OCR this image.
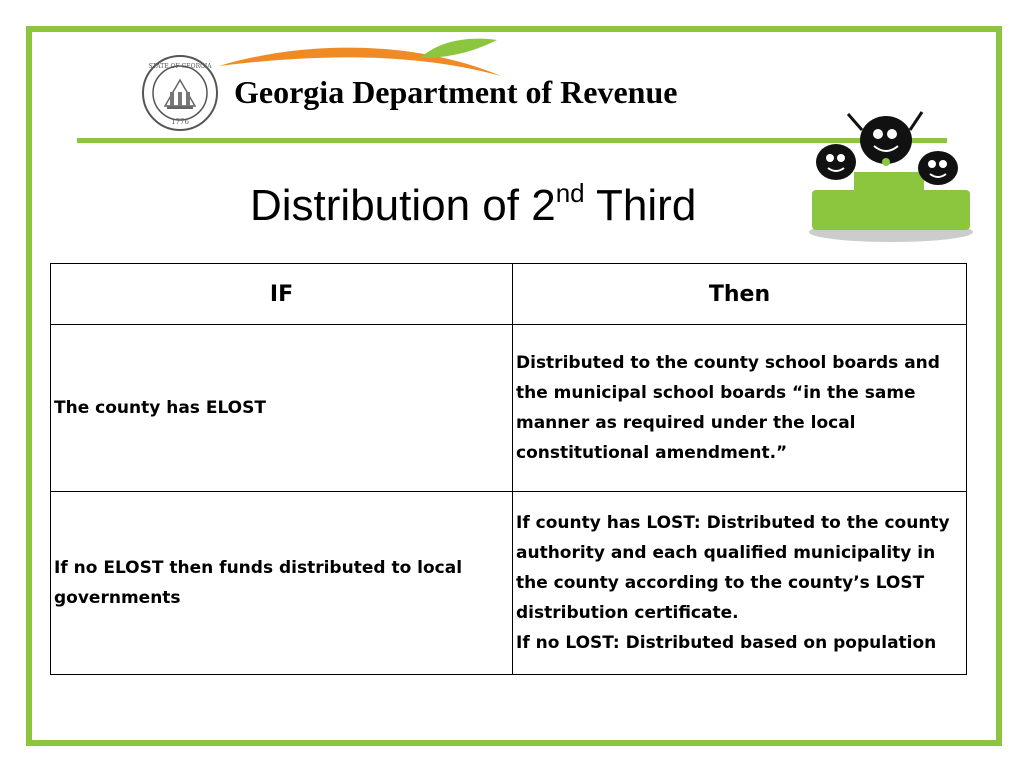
1776
STATE OF GEORGIA
Georgia Department of Revenue
Distribution of 2nd Third
IF	Then
The county has ELOST	Distributed to the county school boards and the municipal school boards “in the same manner as required under the local constitutional amendment.”
If no ELOST then funds distributed to local governments	If county has LOST: Distributed to the county authority and each qualified municipality in the county according to the county’s LOST distribution certificate.
If no LOST: Distributed based on population
